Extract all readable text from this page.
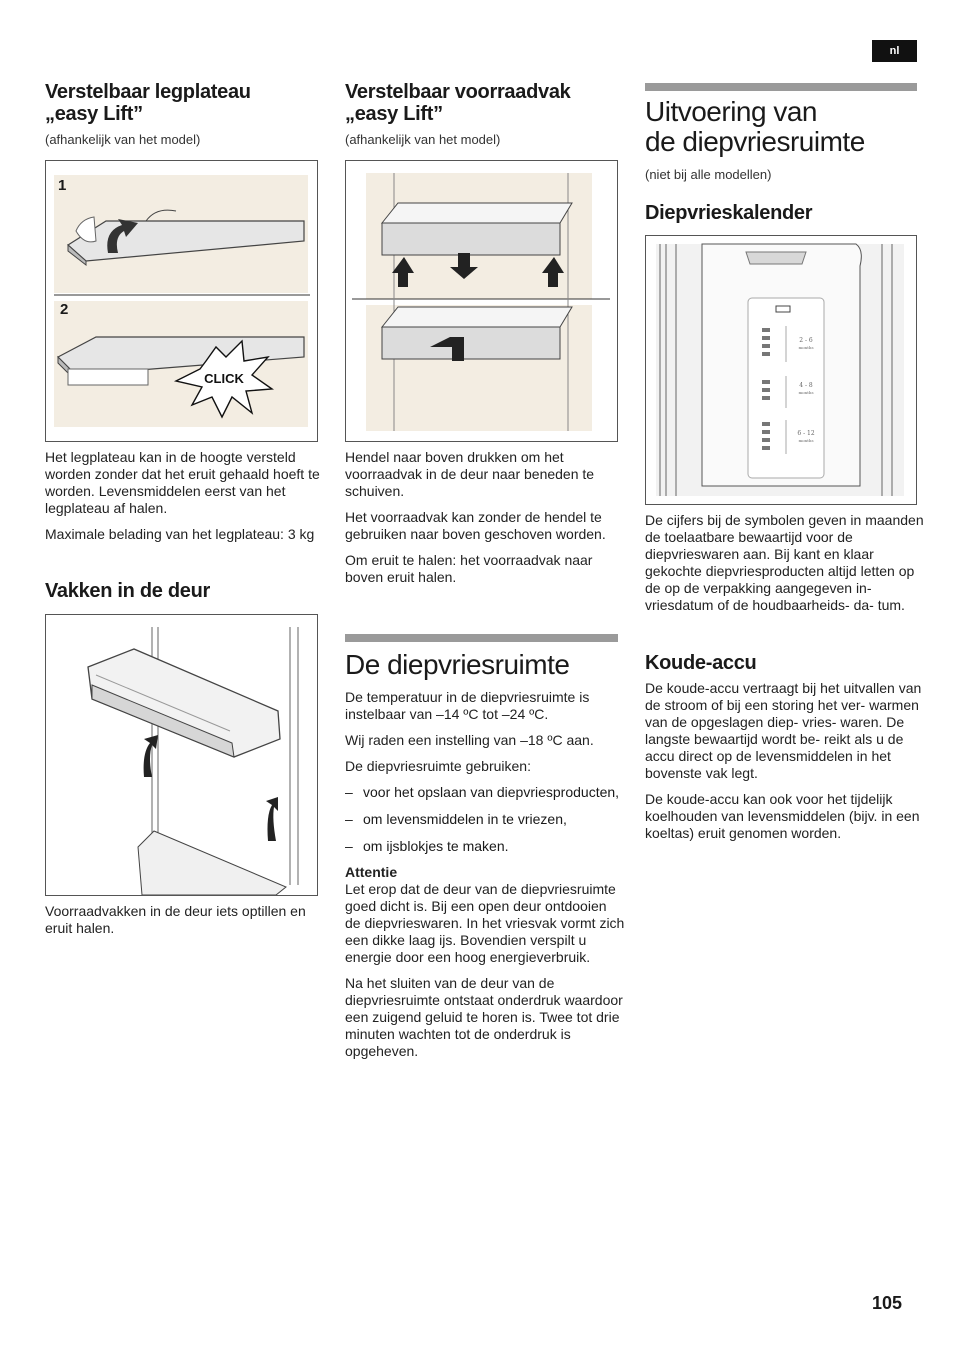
nl

Verstelbaar legplateau

„easy Lift”

(afhankelijk van het model)

CLICK
1
2

Het legplateau kan in de hoogte versteld worden zonder dat het eruit gehaald hoeft te worden. Levensmiddelen eerst van het legplateau af halen.

Maximale belading van het legplateau: 3 kg

Vakken in de deur

Voorraadvakken in de deur iets optillen en eruit halen.

Verstelbaar voorraadvak

„easy Lift”

(afhankelijk van het model)

Hendel naar boven drukken om het voorraadvak in de deur naar beneden te schuiven.

Het voorraadvak kan zonder de hendel te gebruiken naar boven geschoven worden.

Om eruit te halen: het voorraadvak naar boven eruit halen.

De diepvriesruimte

De temperatuur in de diepvriesruimte is instelbaar van –14 ºC tot –24 ºC.

Wij raden een instelling van –18 ºC aan.

De diepvriesruimte gebruiken:

– voor het opslaan van diepvriesproducten,
– om levensmiddelen in te vriezen,
– om ijsblokjes te maken.

Attentie

Let erop dat de deur van de diepvriesruimte goed dicht is. Bij een open deur ontdooien de diepvrieswaren. In het vriesvak vormt zich een dikke laag ijs. Bovendien verspilt u energie door een hoog energieverbruik.

Na het sluiten van de deur van de diepvriesruimte ontstaat onderdruk waardoor een zuigend geluid te horen is. Twee tot drie minuten wachten tot de onderdruk is opgeheven.

Uitvoering van

de diepvriesruimte

(niet bij alle modellen)

Diepvrieskalender

2 - 6
months
4 - 8
months
6 - 12
months

De cijfers bij de symbolen geven in maanden de toelaatbare bewaartijd voor de diepvrieswaren aan. Bij kant en klaar gekochte diepvriesproducten altijd letten op de op de verpakking aangegeven in- vriesdatum of de houdbaarheids- da- tum.

Koude-accu

De koude-accu vertraagt bij het uitvallen van de stroom of bij een storing het ver- warmen van de opgeslagen diep- vries- waren. De langste bewaartijd wordt be- reikt als u de accu direct op de levensmiddelen in het bovenste vak legt.

De koude-accu kan ook voor het tijdelijk koelhouden van levensmiddelen (bijv. in een koeltas) eruit genomen worden.

105
